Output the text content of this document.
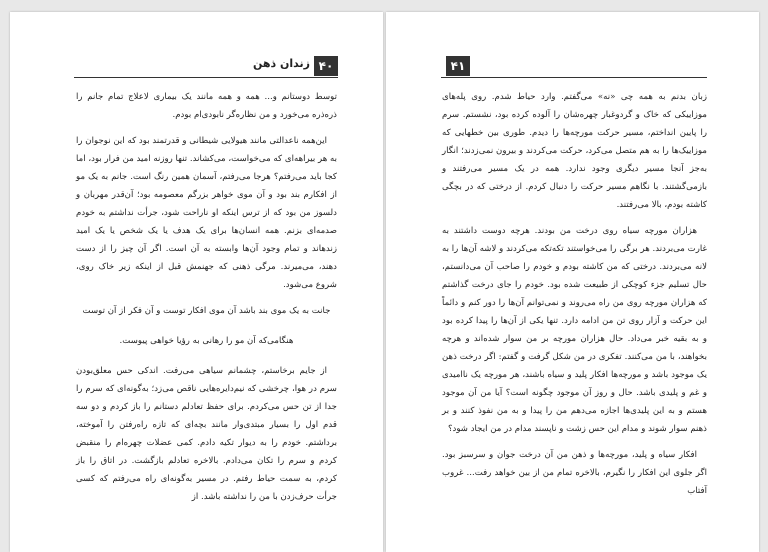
۴۰
زندان ذهن

توسط دوستانم و... همه و همه مانند یک بیماری لاعلاج تمام جانم را ذره‌ذره می‌خورد و من نظاره‌گر نابودی‌ام بودم.

این‌همه ناعدالتی مانند هیولایی شیطانی و قدرتمند بود که این نوجوان را به هر بیراهه‌ای که می‌خواست، می‌کشاند. تنها روزنه امید من فرار بود، اما کجا باید می‌رفتم؟ هرجا می‌رفتم، آسمان همین رنگ است. جانم به یک مو از افکارم بند بود و آن موی خواهر بزرگم معصومه بود؛ آن‌قدر مهربان و دلسوز من بود که از ترس اینکه او ناراحت شود، جرأت نداشتم به خودم صدمه‌ای بزنم. همه انسان‌ها برای یک هدف یا یک شخص یا یک امید زندهاند و تمام وجود آن‌ها وابسته به آن است. اگر آن چیز را از دست دهند، می‌میرند. مرگی ذهنی که جهنمش قبل از اینکه زیر خاک روی، شروع می‌شود.

جانت به یک موی بند باشد آن موی افکار توست و آن فکر از آن توست
هنگامی‌که آن مو را رهانی به رؤیا خواهی پیوست.

از جایم برخاستم، چشمانم سیاهی می‌رفت. اندکی حس معلق‌بودن سرم در هوا، چرخشی که نیم‌دایره‌هایی ناقص می‌زد؛ به‌گونه‌ای که سرم را جدا از تن حس می‌کردم. برای حفظ تعادلم دستانم را باز کردم و دو سه قدم اول را بسیار مبتدی‌وار مانند بچه‌ای که تازه راه‌رفتن را آموخته، برداشتم. خودم را به دیوار تکیه دادم. کمی عضلات چهره‌ام را منقبض کردم و سرم را تکان می‌دادم. بالاخره تعادلم بازگشت. در اتاق را باز کردم، به سمت حیاط رفتم. در مسیر به‌گونه‌ای راه می‌رفتم که کسی جرأت حرف‌زدن با من را نداشته باشد. از

۴۱

زبان بدنم به همه چی «نه» می‌گفتم. وارد حیاط شدم. روی پله‌های موزاییکی که خاک و گردوغبار چهره‌شان را آلوده کرده بود، نشستم. سرم را پایین انداختم، مسیر حرکت مورچه‌ها را دیدم. طوری بین خطهایی که موزاییک‌ها را به هم متصل می‌کرد، حرکت می‌کردند و بیرون نمی‌زدند؛ انگار به‌جز آنجا مسیر دیگری وجود ندارد. همه در یک مسیر می‌رفتند و بازمی‌گشتند. با نگاهم مسیر حرکت را دنبال کردم. از درختی که در بچگی کاشته بودم، بالا می‌رفتند.

هزاران مورچه سیاه روی درخت من بودند. هرچه دوست داشتند به غارت می‌بردند. هر برگی را می‌خواستند تکه‌تکه می‌کردند و لاشه آن‌ها را به لانه می‌بردند. درختی که من کاشته بودم و خودم را صاحب آن می‌دانستم، حال تسلیم جزء کوچکی از طبیعت شده بود. خودم را جای درخت گذاشتم که هزاران مورچه روی من راه می‌روند و نمی‌توانم آن‌ها را دور کنم و دائماً این حرکت و آزار روی تن من ادامه دارد. تنها یکی از آن‌ها را پیدا کرده بود و به بقیه خبر می‌داد. حال هزاران مورچه بر من سوار شده‌اند و هرچه بخواهند، با من می‌کنند. تفکری در من شکل گرفت و گفتم: اگر درخت ذهن یک موجود باشد و مورچه‌ها افکار پلید و سیاه باشند، هر مورچه یک ناامیدی و غم و پلیدی باشد. حال و روز آن موجود چگونه است؟ آیا من آن موجود هستم و به این پلیدی‌ها اجازه می‌دهم من را پیدا و به من نفوذ کنند و بر ذهنم سوار شوند و مدام این حس زشت و ناپسند مدام در من ایجاد شود؟

افکار سیاه و پلید، مورچه‌ها و ذهن من آن درخت جوان و سرسبز بود. اگر جلوی این افکار را نگیرم، بالاخره تمام من از بین خواهد رفت... غروب آفتاب
